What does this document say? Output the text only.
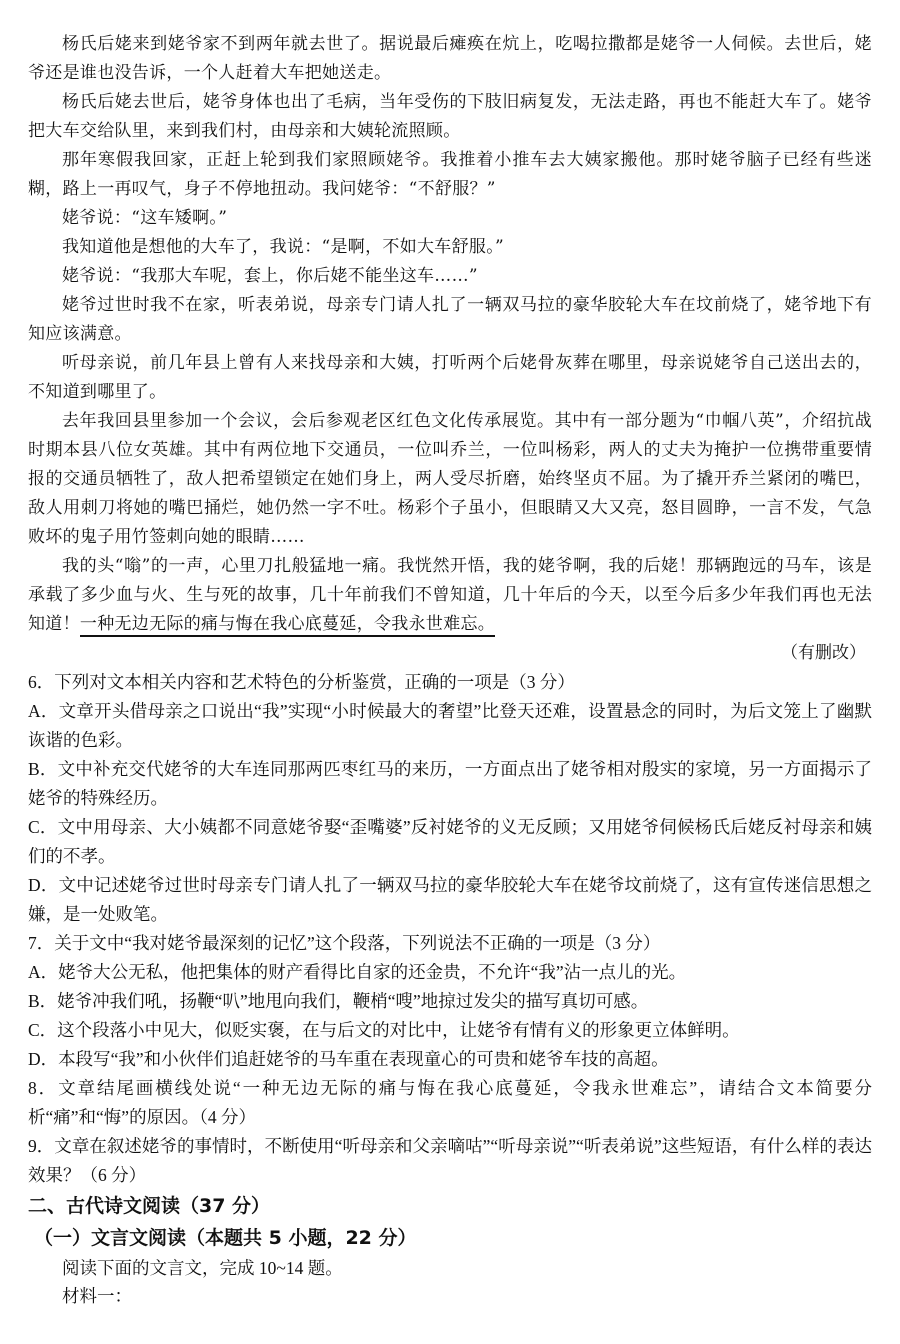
杨氏后姥来到姥爷家不到两年就去世了。据说最后瘫痪在炕上，吃喝拉撒都是姥爷一人伺候。去世后，姥爷还是谁也没告诉，一个人赶着大车把她送走。

杨氏后姥去世后，姥爷身体也出了毛病，当年受伤的下肢旧病复发，无法走路，再也不能赶大车了。姥爷把大车交给队里，来到我们村，由母亲和大姨轮流照顾。

那年寒假我回家，正赶上轮到我们家照顾姥爷。我推着小推车去大姨家搬他。那时姥爷脑子已经有些迷糊，路上一再叹气，身子不停地扭动。我问姥爷：“不舒服？”

姥爷说：“这车矮啊。”

我知道他是想他的大车了，我说：“是啊，不如大车舒服。”

姥爷说：“我那大车呢，套上，你后姥不能坐这车……”

姥爷过世时我不在家，听表弟说，母亲专门请人扎了一辆双马拉的豪华胶轮大车在坟前烧了，姥爷地下有知应该满意。

听母亲说，前几年县上曾有人来找母亲和大姨，打听两个后姥骨灰葬在哪里，母亲说姥爷自己送出去的，不知道到哪里了。

去年我回县里参加一个会议，会后参观老区红色文化传承展览。其中有一部分题为“巾帼八英”，介绍抗战时期本县八位女英雄。其中有两位地下交通员，一位叫乔兰，一位叫杨彩，两人的丈夫为掩护一位携带重要情报的交通员牺牲了，敌人把希望锁定在她们身上，两人受尽折磨，始终坚贞不屈。为了撬开乔兰紧闭的嘴巴，敌人用刺刀将她的嘴巴捅烂，她仍然一字不吐。杨彩个子虽小，但眼睛又大又亮，怒目圆睁，一言不发，气急败坏的鬼子用竹签刺向她的眼睛……

我的头“嗡”的一声，心里刀扎般猛地一痛。我恍然开悟，我的姥爷啊，我的后姥！那辆跑远的马车，该是承载了多少血与火、生与死的故事，几十年前我们不曾知道，几十年后的今天，以至今后多少年我们再也无法知道！一种无边无际的痛与悔在我心底蔓延，令我永世难忘。

（有删改）

6．下列对文本相关内容和艺术特色的分析鉴赏，正确的一项是（3 分）

A．文章开头借母亲之口说出“我”实现“小时候最大的奢望”比登天还难，设置悬念的同时，为后文笼上了幽默诙谐的色彩。

B．文中补充交代姥爷的大车连同那两匹枣红马的来历，一方面点出了姥爷相对殷实的家境，另一方面揭示了姥爷的特殊经历。

C．文中用母亲、大小姨都不同意姥爷娶“歪嘴婆”反衬姥爷的义无反顾；又用姥爷伺候杨氏后姥反衬母亲和姨们的不孝。

D．文中记述姥爷过世时母亲专门请人扎了一辆双马拉的豪华胶轮大车在姥爷坟前烧了，这有宣传迷信思想之嫌，是一处败笔。

7．关于文中“我对姥爷最深刻的记忆”这个段落，下列说法不正确的一项是（3 分）

A．姥爷大公无私，他把集体的财产看得比自家的还金贵，不允许“我”沾一点儿的光。

B．姥爷冲我们吼，扬鞭“叭”地甩向我们，鞭梢“嗖”地掠过发尖的描写真切可感。

C．这个段落小中见大，似贬实褒，在与后文的对比中，让姥爷有情有义的形象更立体鲜明。

D．本段写“我”和小伙伴们追赶姥爷的马车重在表现童心的可贵和姥爷车技的高超。

8．文章结尾画横线处说“一种无边无际的痛与悔在我心底蔓延，令我永世难忘”，请结合文本简要分析“痛”和“悔”的原因。（4 分）

9．文章在叙述姥爷的事情时，不断使用“听母亲和父亲嘀咕”“听母亲说”“听表弟说”这些短语，有什么样的表达效果？（6 分）

二、古代诗文阅读（37 分）
（一）文言文阅读（本题共 5 小题，22 分）

阅读下面的文言文，完成 10~14 题。

材料一：
